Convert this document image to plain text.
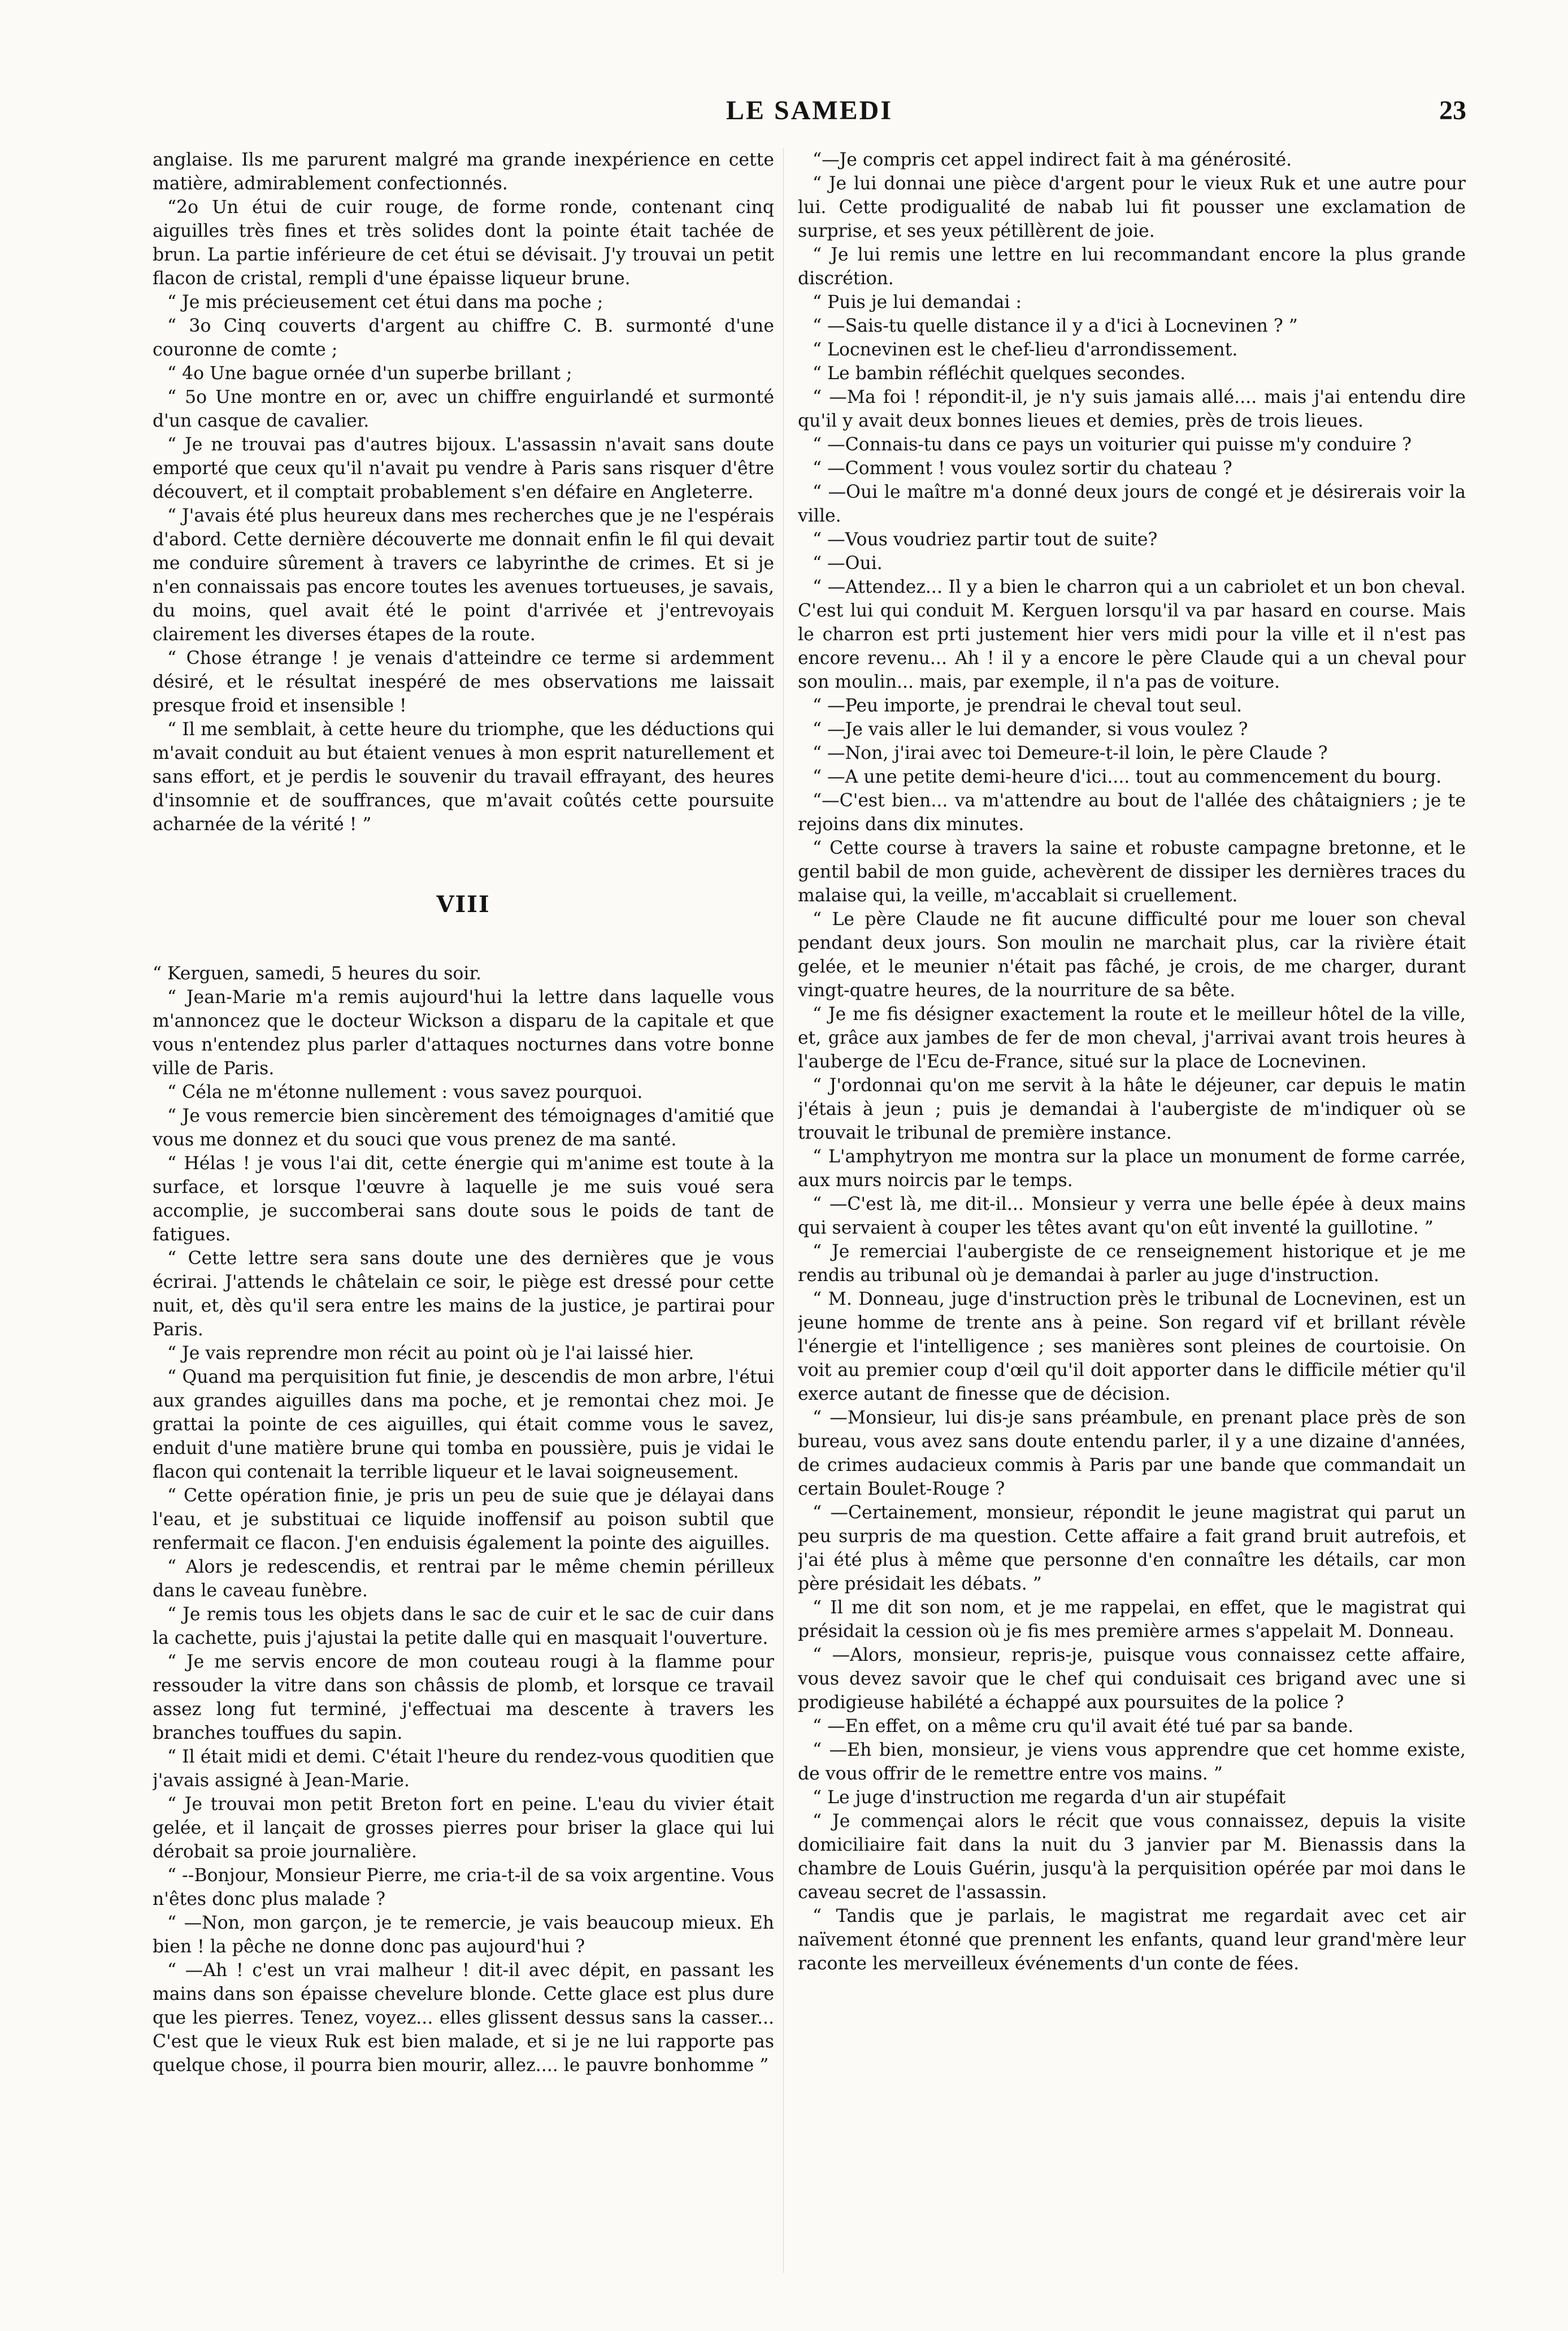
LE SAMEDI	23

anglaise. Ils me parurent malgré ma grande inexpérience en cette matière, admirablement confectionnés.

“2o Un étui de cuir rouge, de forme ronde, contenant cinq aiguilles très fines et très solides dont la pointe était tachée de brun. La partie inférieure de cet étui se dévisait. J'y trouvai un petit flacon de cristal, rempli d'une épaisse liqueur brune.

“ Je mis précieusement cet étui dans ma poche ;

“ 3o Cinq couverts d'argent au chiffre C. B. surmonté d'une couronne de comte ;

“ 4o Une bague ornée d'un superbe brillant ;

“ 5o Une montre en or, avec un chiffre enguirlandé et surmonté d'un casque de cavalier.

“ Je ne trouvai pas d'autres bijoux. L'assassin n'avait sans doute emporté que ceux qu'il n'avait pu vendre à Paris sans risquer d'être découvert, et il comptait probablement s'en défaire en Angleterre.

“ J'avais été plus heureux dans mes recherches que je ne l'espérais d'abord. Cette dernière découverte me donnait enfin le fil qui devait me conduire sûrement à travers ce labyrinthe de crimes. Et si je n'en connaissais pas encore toutes les avenues tortueuses, je savais, du moins, quel avait été le point d'arrivée et j'entrevoyais clairement les diverses étapes de la route.

“ Chose étrange ! je venais d'atteindre ce terme si ardemment désiré, et le résultat inespéré de mes observations me laissait presque froid et insensible !

“ Il me semblait, à cette heure du triomphe, que les déductions qui m'avait conduit au but étaient venues à mon esprit naturellement et sans effort, et je perdis le souvenir du travail effrayant, des heures d'insomnie et de souffrances, que m'avait coûtés cette poursuite acharnée de la vérité ! ”

VIII

“ Kerguen, samedi, 5 heures du soir.

“ Jean-Marie m'a remis aujourd'hui la lettre dans laquelle vous m'annoncez que le docteur Wickson a disparu de la capitale et que vous n'entendez plus parler d'attaques nocturnes dans votre bonne ville de Paris.

“ Céla ne m'étonne nullement : vous savez pourquoi.

“ Je vous remercie bien sincèrement des témoignages d'amitié que vous me donnez et du souci que vous prenez de ma santé.

“ Hélas ! je vous l'ai dit, cette énergie qui m'anime est toute à la surface, et lorsque l'œuvre à laquelle je me suis voué sera accomplie, je succomberai sans doute sous le poids de tant de fatigues.

“ Cette lettre sera sans doute une des dernières que je vous écrirai. J'attends le châtelain ce soir, le piège est dressé pour cette nuit, et, dès qu'il sera entre les mains de la justice, je partirai pour Paris.

“ Je vais reprendre mon récit au point où je l'ai laissé hier.

“ Quand ma perquisition fut finie, je descendis de mon arbre, l'étui aux grandes aiguilles dans ma poche, et je remontai chez moi. Je grattai la pointe de ces aiguilles, qui était comme vous le savez, enduit d'une matière brune qui tomba en poussière, puis je vidai le flacon qui contenait la terrible liqueur et le lavai soigneusement.

“ Cette opération finie, je pris un peu de suie que je délayai dans l'eau, et je substituai ce liquide inoffensif au poison subtil que renfermait ce flacon. J'en enduisis également la pointe des aiguilles.

“ Alors je redescendis, et rentrai par le même chemin périlleux dans le caveau funèbre.

“ Je remis tous les objets dans le sac de cuir et le sac de cuir dans la cachette, puis j'ajustai la petite dalle qui en masquait l'ouverture.

“ Je me servis encore de mon couteau rougi à la flamme pour ressouder la vitre dans son châssis de plomb, et lorsque ce travail assez long fut terminé, j'effectuai ma descente à travers les branches touffues du sapin.

“ Il était midi et demi. C'était l'heure du rendez-vous quoditien que j'avais assigné à Jean-Marie.

“ Je trouvai mon petit Breton fort en peine. L'eau du vivier était gelée, et il lançait de grosses pierres pour briser la glace qui lui dérobait sa proie journalière.

“ --Bonjour, Monsieur Pierre, me cria-t-il de sa voix argentine. Vous n'êtes donc plus malade ?

“ —Non, mon garçon, je te remercie, je vais beaucoup mieux. Eh bien ! la pêche ne donne donc pas aujourd'hui ?

“ —Ah ! c'est un vrai malheur ! dit-il avec dépit, en passant les mains dans son épaisse chevelure blonde. Cette glace est plus dure que les pierres. Tenez, voyez... elles glissent dessus sans la casser... C'est que le vieux Ruk est bien malade, et si je ne lui rapporte pas quelque chose, il pourra bien mourir, allez.... le pauvre bonhomme ”

“—Je compris cet appel indirect fait à ma générosité.

“ Je lui donnai une pièce d'argent pour le vieux Ruk et une autre pour lui. Cette prodigualité de nabab lui fit pousser une exclamation de surprise, et ses yeux pétillèrent de joie.

“ Je lui remis une lettre en lui recommandant encore la plus grande discrétion.

“ Puis je lui demandai :

“ —Sais-tu quelle distance il y a d'ici à Locnevinen ? ”

“ Locnevinen est le chef-lieu d'arrondissement.

“ Le bambin réfléchit quelques secondes.

“ —Ma foi ! répondit-il, je n'y suis jamais allé.... mais j'ai entendu dire qu'il y avait deux bonnes lieues et demies, près de trois lieues.

“ —Connais-tu dans ce pays un voiturier qui puisse m'y conduire ?

“ —Comment ! vous voulez sortir du chateau ?

“ —Oui le maître m'a donné deux jours de congé et je désirerais voir la ville.

“ —Vous voudriez partir tout de suite?

“ —Oui.

“ —Attendez... Il y a bien le charron qui a un cabriolet et un bon cheval. C'est lui qui conduit M. Kerguen lorsqu'il va par hasard en course. Mais le charron est prti justement hier vers midi pour la ville et il n'est pas encore revenu... Ah ! il y a encore le père Claude qui a un cheval pour son moulin... mais, par exemple, il n'a pas de voiture.

“ —Peu importe, je prendrai le cheval tout seul.

“ —Je vais aller le lui demander, si vous voulez ?

“ —Non, j'irai avec toi Demeure-t-il loin, le père Claude ?

“ —A une petite demi-heure d'ici.... tout au commencement du bourg.

“—C'est bien... va m'attendre au bout de l'allée des châtaigniers ; je te rejoins dans dix minutes.

“ Cette course à travers la saine et robuste campagne bretonne, et le gentil babil de mon guide, achevèrent de dissiper les dernières traces du malaise qui, la veille, m'accablait si cruellement.

“ Le père Claude ne fit aucune difficulté pour me louer son cheval pendant deux jours. Son moulin ne marchait plus, car la rivière était gelée, et le meunier n'était pas fâché, je crois, de me charger, durant vingt-quatre heures, de la nourriture de sa bête.

“ Je me fis désigner exactement la route et le meilleur hôtel de la ville, et, grâce aux jambes de fer de mon cheval, j'arrivai avant trois heures à l'auberge de l'Ecu de-France, situé sur la place de Locnevinen.

“ J'ordonnai qu'on me servit à la hâte le déjeuner, car depuis le matin j'étais à jeun ; puis je demandai à l'aubergiste de m'indiquer où se trouvait le tribunal de première instance.

“ L'amphytryon me montra sur la place un monument de forme carrée, aux murs noircis par le temps.

“ —C'est là, me dit-il... Monsieur y verra une belle épée à deux mains qui servaient à couper les têtes avant qu'on eût inventé la guillotine. ”

“ Je remerciai l'aubergiste de ce renseignement historique et je me rendis au tribunal où je demandai à parler au juge d'instruction.

“ M. Donneau, juge d'instruction près le tribunal de Locnevinen, est un jeune homme de trente ans à peine. Son regard vif et brillant révèle l'énergie et l'intelligence ; ses manières sont pleines de courtoisie. On voit au premier coup d'œil qu'il doit apporter dans le difficile métier qu'il exerce autant de finesse que de décision.

“ —Monsieur, lui dis-je sans préambule, en prenant place près de son bureau, vous avez sans doute entendu parler, il y a une dizaine d'années, de crimes audacieux commis à Paris par une bande que commandait un certain Boulet-Rouge ?

“ —Certainement, monsieur, répondit le jeune magistrat qui parut un peu surpris de ma question. Cette affaire a fait grand bruit autrefois, et j'ai été plus à même que personne d'en connaître les détails, car mon père présidait les débats. ”

“ Il me dit son nom, et je me rappelai, en effet, que le magistrat qui présidait la cession où je fis mes première armes s'appelait M. Donneau.

“ —Alors, monsieur, repris-je, puisque vous connaissez cette affaire, vous devez savoir que le chef qui conduisait ces brigand avec une si prodigieuse habilété a échappé aux poursuites de la police ?

“ —En effet, on a même cru qu'il avait été tué par sa bande.

“ —Eh bien, monsieur, je viens vous apprendre que cet homme existe, de vous offrir de le remettre entre vos mains. ”

“ Le juge d'instruction me regarda d'un air stupéfait

“ Je commençai alors le récit que vous connaissez, depuis la visite domiciliaire fait dans la nuit du 3 janvier par M. Bienassis dans la chambre de Louis Guérin, jusqu'à la perquisition opérée par moi dans le caveau secret de l'assassin.

“ Tandis que je parlais, le magistrat me regardait avec cet air naïvement étonné que prennent les enfants, quand leur grand'mère leur raconte les merveilleux événements d'un conte de fées.
